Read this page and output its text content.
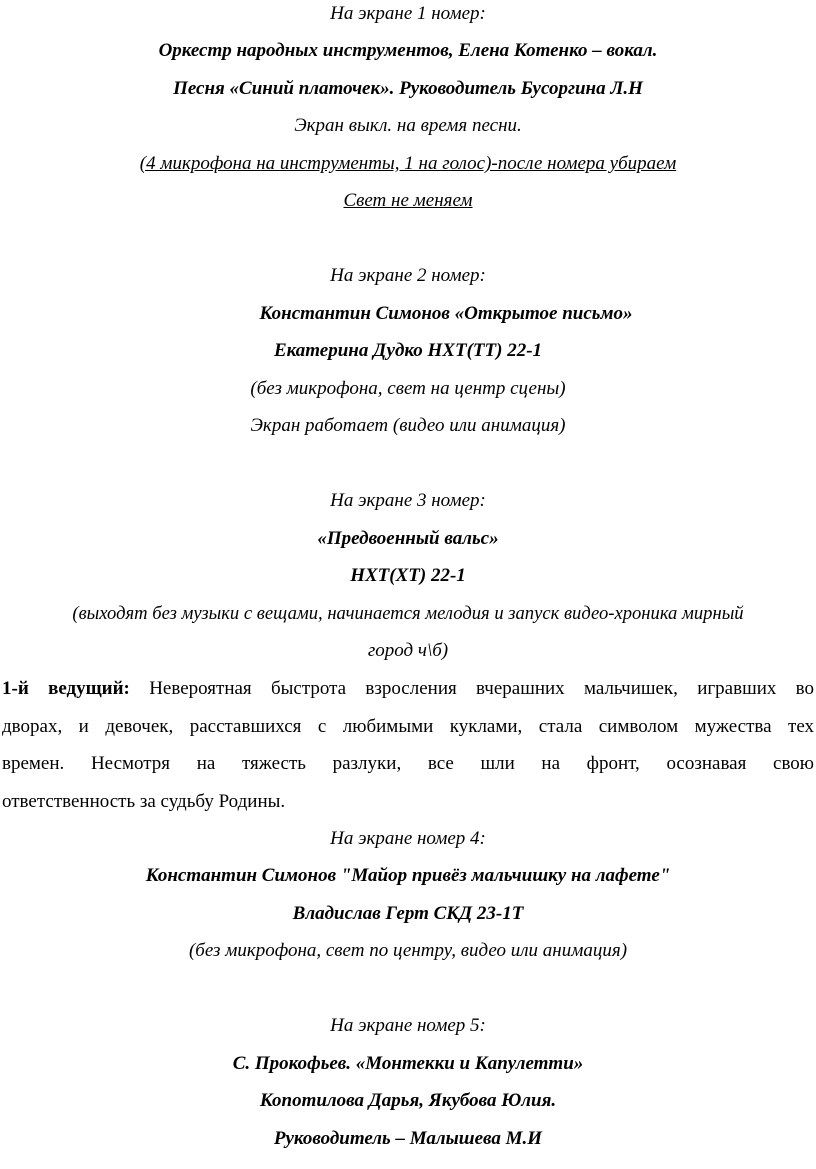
На экране 1 номер:
Оркестр народных инструментов, Елена Котенко – вокал.
Песня «Синий платочек». Руководитель Бусоргина Л.Н
Экран выкл. на время песни.
(4 микрофона на инструменты, 1 на голос)-после номера убираем
Свет не меняем
На экране 2 номер:
Константин Симонов «Открытое письмо»
Екатерина Дудко НХТ(ТТ) 22-1
(без микрофона, свет на центр сцены)
Экран работает (видео или анимация)
На экране 3 номер:
«Предвоенный вальс»
НХТ(ХТ) 22-1
(выходят без музыки с вещами, начинается мелодия и запуск видео-хроника мирный
город ч\б)
1-й ведущий: Невероятная быстрота взросления вчерашних мальчишек, игравших во
дворах, и девочек, расставшихся с любимыми куклами, стала символом мужества тех
времен. Несмотря на тяжесть разлуки, все шли на фронт, осознавая свою
ответственность за судьбу Родины.
На экране номер 4:
Константин Симонов "Майор привёз мальчишку на лафете"
Владислав Герт СКД 23-1Т
(без микрофона, свет по центру, видео или анимация)
На экране номер 5:
С. Прокофьев. «Монтекки и Капулетти»
Копотилова Дарья, Якубова Юлия.
Руководитель – Малышева М.И
